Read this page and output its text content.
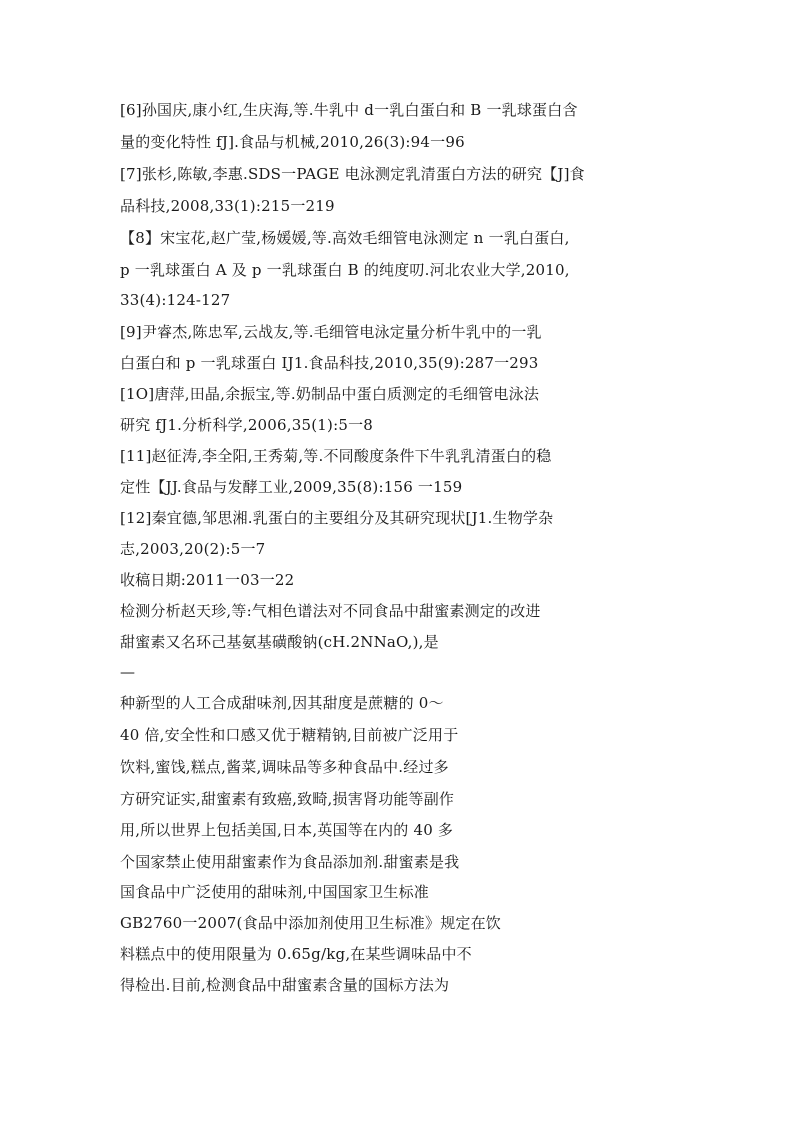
[6]孙国庆,康小红,生庆海,等.牛乳中 d一乳白蛋白和 B 一乳球蛋白含
量的变化特性 fJ].食品与机械,2010,26(3):94一96
[7]张杉,陈敏,李惠.SDS一PAGE 电泳测定乳清蛋白方法的研究【J]食
品科技,2008,33(1):215一219
【8】宋宝花,赵广莹,杨媛媛,等.高效毛细管电泳测定 n 一乳白蛋白,
p 一乳球蛋白 A 及 p 一乳球蛋白 B 的纯度叨.河北农业大学,2010,
33(4):124-127
[9]尹睿杰,陈忠军,云战友,等.毛细管电泳定量分析牛乳中的一乳
白蛋白和 p 一乳球蛋白 IJ1.食品科技,2010,35(9):287一293
[1O]唐萍,田晶,余振宝,等.奶制品中蛋白质测定的毛细管电泳法
研究 fJ1.分析科学,2006,35(1):5一8
[11]赵征涛,李全阳,王秀菊,等.不同酸度条件下牛乳乳清蛋白的稳
定性【JJ.食品与发酵工业,2009,35(8):156 一159
[12]秦宜德,邹思湘.乳蛋白的主要组分及其研究现状[J1.生物学杂
志,2003,20(2):5一7
收稿日期:2011一03一22
检测分析赵天珍,等:气相色谱法对不同食品中甜蜜素测定的改进
甜蜜素又名环己基氨基磺酸钠(cH.2NNaO,),是
—
种新型的人工合成甜味剂,因其甜度是蔗糖的 0～
40 倍,安全性和口感又优于糖精钠,目前被广泛用于
饮料,蜜饯,糕点,酱菜,调味品等多种食品中.经过多
方研究证实,甜蜜素有致癌,致畸,损害肾功能等副作
用,所以世界上包括美国,日本,英国等在内的 40 多
个国家禁止使用甜蜜素作为食品添加剂.甜蜜素是我
国食品中广泛使用的甜味剂,中国国家卫生标准
GB2760一2007(食品中添加剂使用卫生标准》规定在饮
料糕点中的使用限量为 0.65g/kg,在某些调味品中不
得检出.目前,检测食品中甜蜜素含量的国标方法为
